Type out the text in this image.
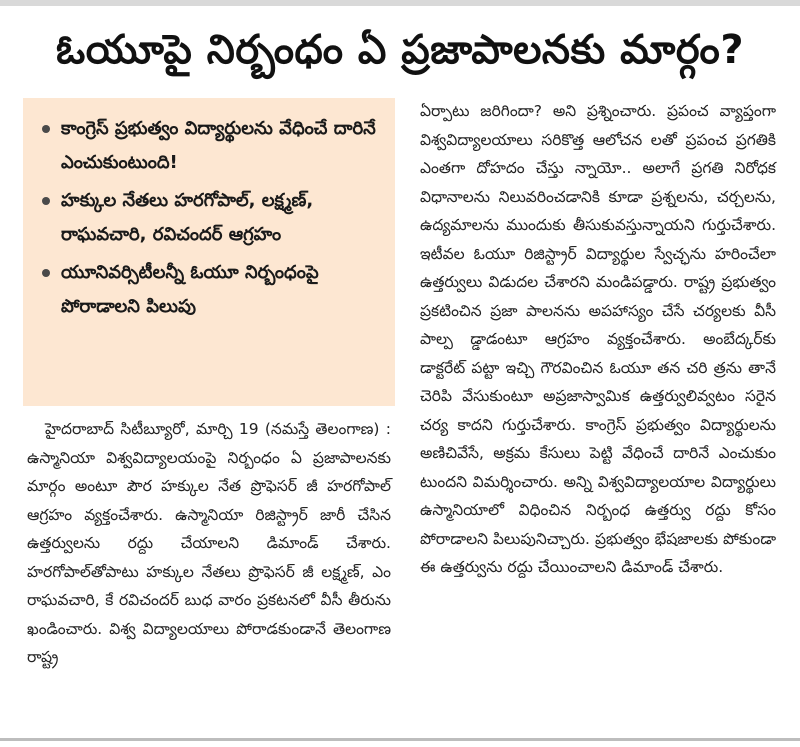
ఓయూపై నిర్బంధం ఏ ప్రజాపాలనకు మార్గం?
కాంగ్రెస్ ప్రభుత్వం విద్యార్థులను వేధించే దారినే ఎంచుకుంటుంది!
హక్కుల నేతలు హరగోపాల్, లక్ష్మణ్, రాఘవచారి, రవిచందర్ ఆగ్రహం
యూనివర్సిటీలన్నీ ఓయూ నిర్బంధంపై పోరాడాలని పిలుపు

హైదరాబాద్ సిటీబ్యూరో, మార్చి 19 (నమస్తే తెలంగాణ) : ఉస్మానియా విశ్వవిద్యాలయంపై నిర్బంధం ఏ ప్రజాపాలనకు మార్గం అంటూ పౌర హక్కుల నేత ప్రొఫెసర్ జీ హరగోపాల్ ఆగ్రహం వ్యక్తంచేశారు. ఉస్మానియా రిజిస్ట్రార్ జారీ చేసిన ఉత్తర్వులను రద్దు చేయాలని డిమాండ్ చేశారు. హరగోపాల్‌తోపాటు హక్కుల నేతలు ప్రొఫెసర్ జీ లక్ష్మణ్, ఎం రాఘవచారి, కే రవిచందర్ బుధ వారం ప్రకటనలో వీసీ తీరును ఖండించారు. విశ్వ విద్యాలయాలు పోరాడకుండానే తెలంగాణ రాష్ట్ర

ఏర్పాటు జరిగిందా? అని ప్రశ్నించారు. ప్రపంచ వ్యాప్తంగా విశ్వవిద్యాలయాలు సరికొత్త ఆలోచన లతో ప్రపంచ ప్రగతికి ఎంతగా దోహదం చేస్తు న్నాయో.. అలాగే ప్రగతి నిరోధక విధానాలను నిలువరించడానికి కూడా ప్రశ్నలను, చర్చలను, ఉద్యమాలను ముందుకు తీసుకువస్తున్నాయని గుర్తుచేశారు. ఇటీవల ఓయూ రిజిస్ట్రార్ విద్యార్థుల స్వేచ్ఛను హరించేలా ఉత్తర్వులు విడుదల చేశారని మండిపడ్డారు. రాష్ట్ర ప్రభుత్వం ప్రకటించిన ప్రజా పాలనను అపహాస్యం చేసే చర్యలకు వీసీ పాల్ప డ్డాడంటూ ఆగ్రహం వ్యక్తంచేశారు. అంబేద్కర్‌కు డాక్టరేట్ పట్టా ఇచ్చి గౌరవించిన ఓయూ తన చరి త్రను తానే చెరిపి వేసుకుంటూ అప్రజాస్వామిక ఉత్తర్వులివ్వటం సరైన చర్య కాదని గుర్తుచేశారు. కాంగ్రెస్ ప్రభుత్వం విద్యార్థులను అణిచివేసే, అక్రమ కేసులు పెట్టి వేధించే దారినే ఎంచుకుం టుందని విమర్శించారు. అన్ని విశ్వవిద్యాలయాల విద్యార్థులు ఉస్మానియాలో విధించిన నిర్బంధ ఉత్తర్వు రద్దు కోసం పోరాడాలని పిలుపునిచ్చారు. ప్రభుత్వం భేషజాలకు పోకుండా ఈ ఉత్తర్వును రద్దు చేయించాలని డిమాండ్ చేశారు.
